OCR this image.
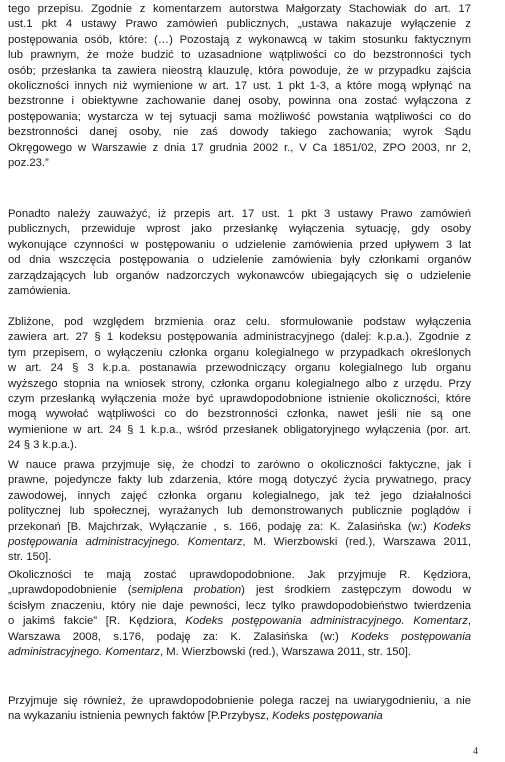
tego przepisu. Zgodnie z komentarzem autorstwa Małgorzaty Stachowiak do art. 17
ust.1 pkt 4 ustawy Prawo zamówień publicznych, „ustawa nakazuje wyłączenie z
postępowania osób, które: (…) Pozostają z wykonawcą w takim stosunku faktycznym
lub prawnym, że może budzić to uzasadnione wątpliwości co do bezstronności tych
osób; przesłanka ta zawiera nieostrą klauzulę, która powoduje, że w przypadku zajścia
okoliczności innych niż wymienione w art. 17 ust. 1 pkt 1-3, a które mogą wpłynąć na
bezstronne i obiektywne zachowanie danej osoby, powinna ona zostać wyłączona z
postępowania; wystarcza w tej sytuacji sama możliwość powstania wątpliwości co do
bezstronności danej osoby, nie zaś dowody takiego zachowania; wyrok Sądu
Okręgowego w Warszawie z dnia 17 grudnia 2002 r., V Ca 1851/02, ZPO 2003, nr 2,
poz.23.”
Ponadto należy zauważyć, iż przepis art. 17 ust. 1 pkt 3 ustawy Prawo zamówień
publicznych, przewiduje wprost jako przesłankę wyłączenia sytuację, gdy osoby
wykonujące czynności w postępowaniu o udzielenie zamówienia przed upływem 3 lat
od dnia wszczęcia postępowania o udzielenie zamówienia były członkami organów
zarządzających lub organów nadzorczych wykonawców ubiegających się o udzielenie
zamówienia.
Zbliżone, pod względem brzmienia oraz celu. sformułowanie podstaw wyłączenia
zawiera art. 27 § 1 kodeksu postępowania administracyjnego (dalej: k.p.a.). Zgodnie z
tym przepisem, o wyłączeniu członka organu kolegialnego w przypadkach określonych
w art. 24 § 3 k.p.a. postanawia przewodniczący organu kolegialnego lub organu
wyższego stopnia na wniosek strony, członka organu kolegialnego albo z urzędu. Przy
czym przesłanką wyłączenia może być uprawdopodobnione istnienie okoliczności, które
mogą wywołać wątpliwości co do bezstronności członka, nawet jeśli nie są one
wymienione w art. 24 § 1 k.p.a., wśród przesłanek obligatoryjnego wyłączenia (por. art.
24 § 3 k.p.a.).
W nauce prawa przyjmuje się, że chodzi to zarówno o okoliczności faktyczne, jak i
prawne, pojedyncze fakty lub zdarzenia, które mogą dotyczyć życia prywatnego, pracy
zawodowej, innych zajęć członka organu kolegialnego, jak też jego działalności
politycznej lub społecznej, wyrażanych lub demonstrowanych publicznie poglądów i
przekonań [B. Majchrzak, Wyłączanie , s. 166, podaję za: K. Zalasińska (w:) Kodeks
postępowania administracyjnego. Komentarz, M. Wierzbowski (red.), Warszawa 2011,
str. 150].
Okoliczności te mają zostać uprawdopodobnione. Jak przyjmuje R. Kędziora,
„uprawdopodobnienie (semiplena probation) jest środkiem zastępczym dowodu w
ścisłym znaczeniu, który nie daje pewności, lecz tylko prawdopodobieństwo twierdzenia
o jakimś fakcie” [R. Kędziora, Kodeks postępowania administracyjnego. Komentarz,
Warszawa 2008, s.176, podaję za: K. Zalasińska (w:) Kodeks postępowania
administracyjnego. Komentarz, M. Wierzbowski (red.), Warszawa 2011, str. 150].
Przyjmuje się również, że uprawdopodobnienie polega raczej na uwiarygodnieniu, a nie
na wykazaniu istnienia pewnych faktów [P.Przybysz, Kodeks postępowania
4
